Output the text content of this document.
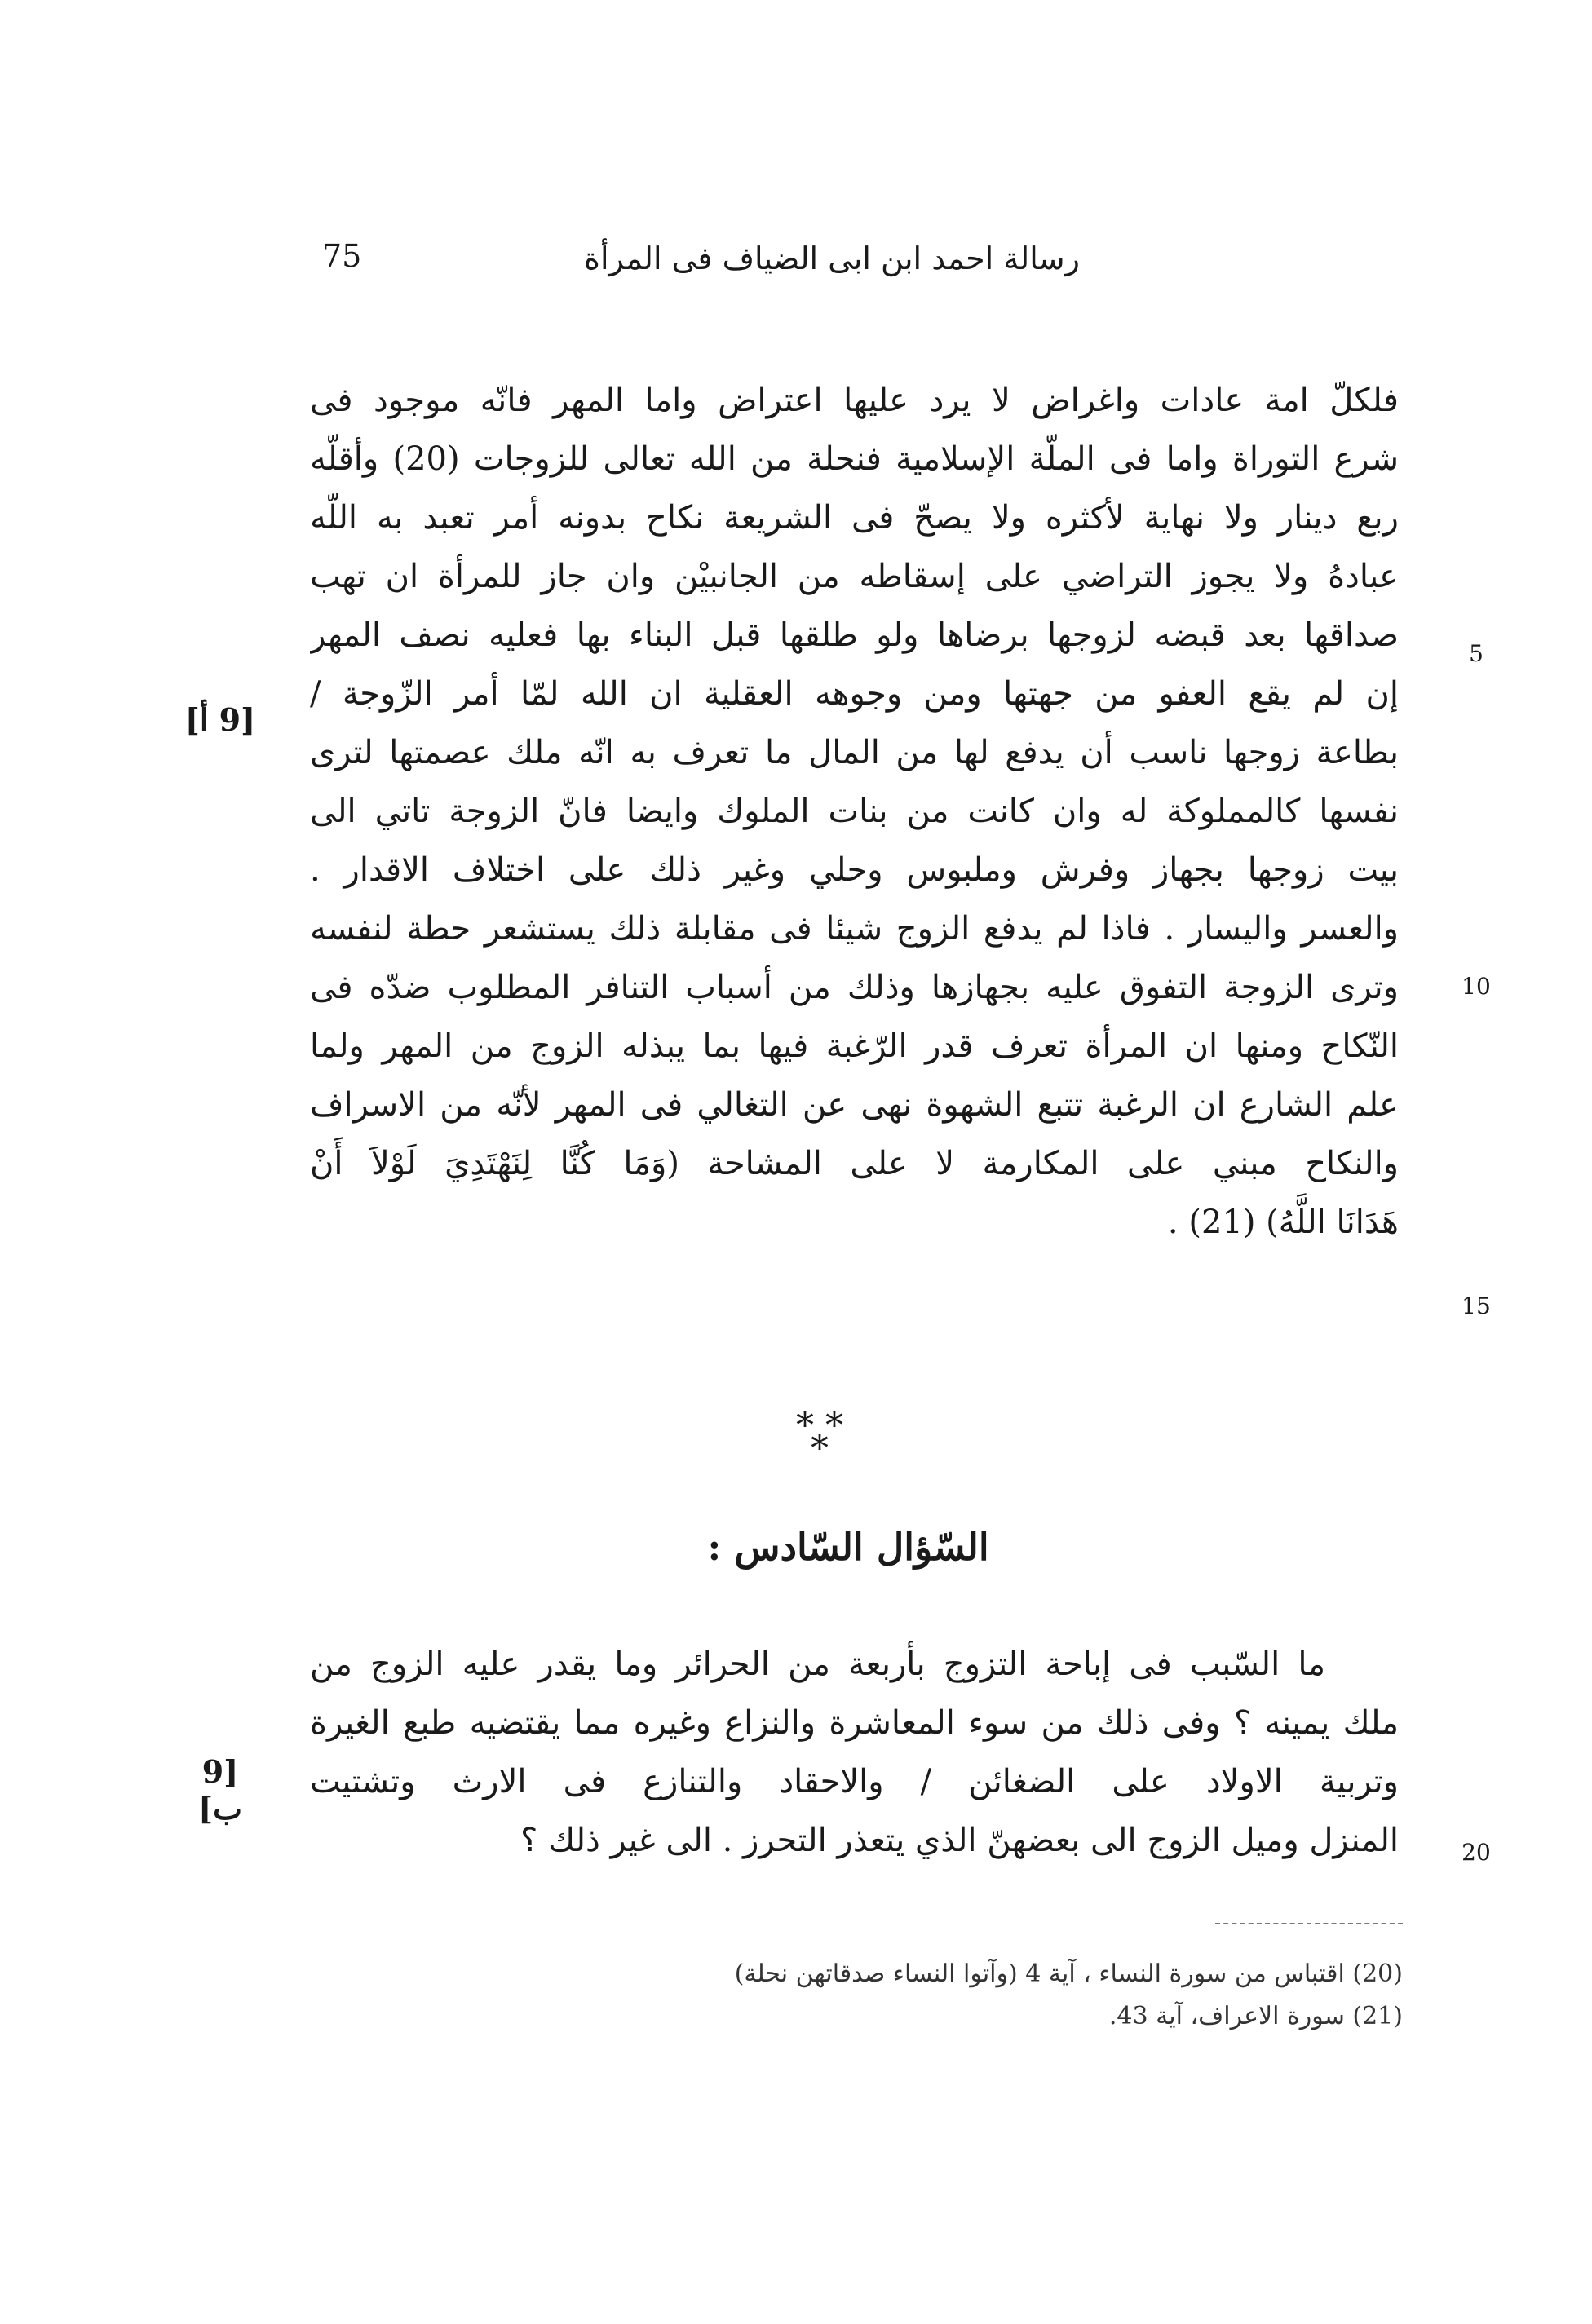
رسالة احمد ابن ابى الضياف فى المرأة
75
فلكلّ امة عادات واغراض لا يرد عليها اعتراض واما المهر فانّه موجود فى
شرع التوراة واما فى الملّة الإسلامية فنحلة من الله تعالى للزوجات (20) وأقلّه
ربع دينار ولا نهاية لأكثره ولا يصحّ فى الشريعة نكاح بدونه أمر تعبد به اللّه
عبادهُ ولا يجوز التراضي على إسقاطه من الجانبيْن وان جاز للمرأة ان تهب
صداقها بعد قبضه لزوجها برضاها ولو طلقها قبل البناء بها فعليه نصف المهر
إن لم يقع العفو من جهتها ومن وجوهه العقلية ان الله لمّا أمر الزّوجة /
بطاعة زوجها ناسب أن يدفع لها من المال ما تعرف به انّه ملك عصمتها لترى
نفسها كالمملوكة له وان كانت من بنات الملوك وايضا فانّ الزوجة تاتي الى
بيت زوجها بجهاز وفرش وملبوس وحلي وغير ذلك على اختلاف الاقدار .
والعسر واليسار . فاذا لم يدفع الزوج شيئا فى مقابلة ذلك يستشعر حطة لنفسه
وترى الزوجة التفوق عليه بجهازها وذلك من أسباب التنافر المطلوب ضدّه فى
النّكاح ومنها ان المرأة تعرف قدر الرّغبة فيها بما يبذله الزوج من المهر ولما
علم الشارع ان الرغبة تتبع الشهوة نهى عن التغالي فى المهر لأنّه من الاسراف
والنكاح مبني على المكارمة لا على المشاحة (وَمَا كُنَّا لِنَهْتَدِيَ لَوْلاَ أَنْ
هَدَانَا اللَّهُ) (21) .
5
10
15
20
[9 أ]
[9 ب]
* *
*
السّؤال السّادس :
ما السّبب فى إباحة التزوج بأربعة من الحرائر وما يقدر عليه الزوج من
ملك يمينه ؟ وفى ذلك من سوء المعاشرة والنزاع وغيره مما يقتضيه طبع الغيرة
وتربية الاولاد على الضغائن / والاحقاد والتنازع فى الارث وتشتيت
المنزل وميل الزوج الى بعضهنّ الذي يتعذر التحرز . الى غير ذلك ؟
(20) اقتباس من سورة النساء ، آية 4 (وآتوا النساء صدقاتهن نحلة)
(21) سورة الاعراف، آية 43.
